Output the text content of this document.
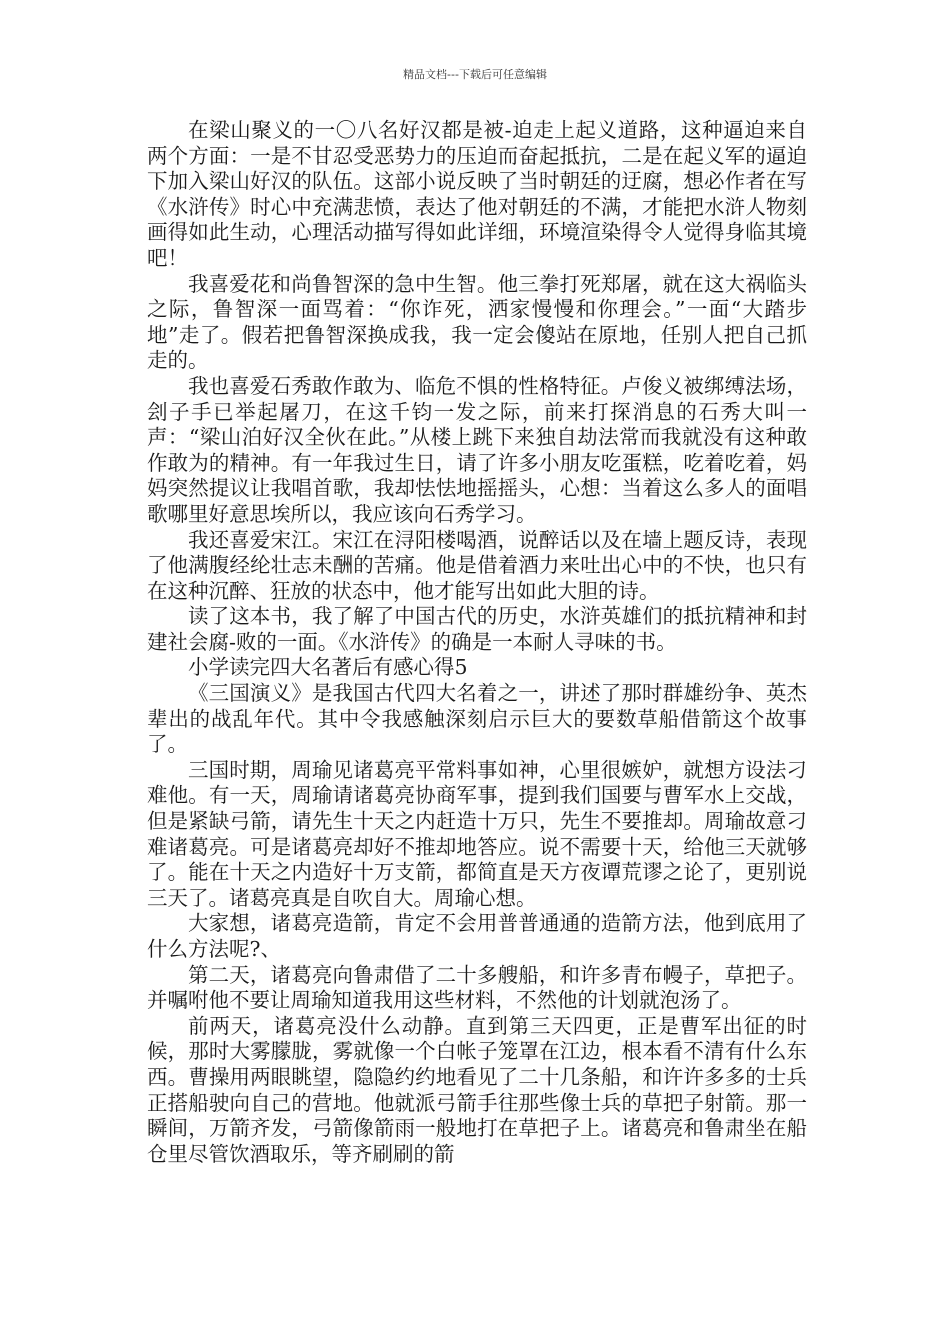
精品文档---下载后可任意编辑

在梁山聚义的一〇八名好汉都是被-迫走上起义道路，这种逼迫来自两个方面：一是不甘忍受恶势力的压迫而奋起抵抗，二是在起义军的逼迫下加入梁山好汉的队伍。这部小说反映了当时朝廷的迂腐，想必作者在写《水浒传》时心中充满悲愤，表达了他对朝廷的不满，才能把水浒人物刻画得如此生动，心理活动描写得如此详细，环境渲染得令人觉得身临其境吧！

我喜爱花和尚鲁智深的急中生智。他三拳打死郑屠，就在这大祸临头之际，鲁智深一面骂着：“你诈死，洒家慢慢和你理会。”一面“大踏步地”走了。假若把鲁智深换成我，我一定会傻站在原地，任别人把自己抓走的。

我也喜爱石秀敢作敢为、临危不惧的性格特征。卢俊义被绑缚法场，刽子手已举起屠刀，在这千钧一发之际，前来打探消息的石秀大叫一声：“梁山泊好汉全伙在此。”从楼上跳下来独自劫法常而我就没有这种敢作敢为的精神。有一年我过生日，请了许多小朋友吃蛋糕，吃着吃着，妈妈突然提议让我唱首歌，我却怯怯地摇摇头，心想：当着这么多人的面唱歌哪里好意思埃所以，我应该向石秀学习。

我还喜爱宋江。宋江在浔阳楼喝酒，说醉话以及在墙上题反诗，表现了他满腹经纶壮志未酬的苦痛。他是借着酒力来吐出心中的不快，也只有在这种沉醉、狂放的状态中，他才能写出如此大胆的诗。

读了这本书，我了解了中国古代的历史，水浒英雄们的抵抗精神和封建社会腐-败的一面。《水浒传》的确是一本耐人寻味的书。

小学读完四大名著后有感心得5

《三国演义》是我国古代四大名着之一，讲述了那时群雄纷争、英杰辈出的战乱年代。其中令我感触深刻启示巨大的要数草船借箭这个故事了。

三国时期，周瑜见诸葛亮平常料事如神，心里很嫉妒，就想方设法刁难他。有一天，周瑜请诸葛亮协商军事，提到我们国要与曹军水上交战，但是紧缺弓箭，请先生十天之内赶造十万只，先生不要推却。周瑜故意刁难诸葛亮。可是诸葛亮却好不推却地答应。说不需要十天，给他三天就够了。能在十天之内造好十万支箭，都简直是天方夜谭荒谬之论了，更别说三天了。诸葛亮真是自吹自大。周瑜心想。

大家想，诸葛亮造箭，肯定不会用普普通通的造箭方法，他到底用了什么方法呢?、

第二天，诸葛亮向鲁肃借了二十多艘船，和许多青布幔子，草把子。并嘱咐他不要让周瑜知道我用这些材料，不然他的计划就泡汤了。

前两天，诸葛亮没什么动静。直到第三天四更，正是曹军出征的时候，那时大雾朦胧，雾就像一个白帐子笼罩在江边，根本看不清有什么东西。曹操用两眼眺望，隐隐约约地看见了二十几条船，和许许多多的士兵正搭船驶向自己的营地。他就派弓箭手往那些像士兵的草把子射箭。那一瞬间，万箭齐发，弓箭像箭雨一般地打在草把子上。诸葛亮和鲁肃坐在船仓里尽管饮酒取乐，等齐刷刷的箭
